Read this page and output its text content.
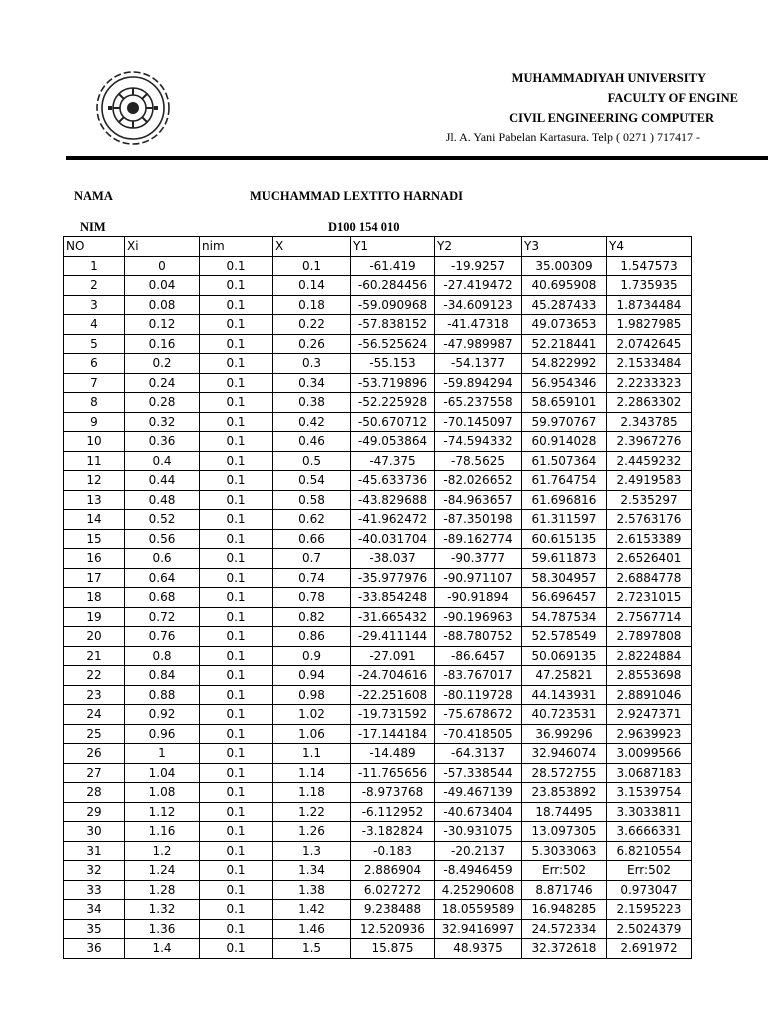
MUHAMMADIYAH UNIVERSITY
FACULTY OF ENGINE
CIVIL ENGINEERING COMPUTER
Jl. A. Yani Pabelan Kartasura. Telp ( 0271 ) 717417 -
NAMA	MUCHAMMAD LEXTITO HARNADI
NIM	D100 154 010
NO	Xi	nim	X	Y1	Y2	Y3	Y4
1	0	0.1	0.1	-61.419	-19.9257	35.00309	1.547573
2	0.04	0.1	0.14	-60.284456	-27.419472	40.695908	1.735935
3	0.08	0.1	0.18	-59.090968	-34.609123	45.287433	1.8734484
4	0.12	0.1	0.22	-57.838152	-41.47318	49.073653	1.9827985
5	0.16	0.1	0.26	-56.525624	-47.989987	52.218441	2.0742645
6	0.2	0.1	0.3	-55.153	-54.1377	54.822992	2.1533484
7	0.24	0.1	0.34	-53.719896	-59.894294	56.954346	2.2233323
8	0.28	0.1	0.38	-52.225928	-65.237558	58.659101	2.2863302
9	0.32	0.1	0.42	-50.670712	-70.145097	59.970767	2.343785
10	0.36	0.1	0.46	-49.053864	-74.594332	60.914028	2.3967276
11	0.4	0.1	0.5	-47.375	-78.5625	61.507364	2.4459232
12	0.44	0.1	0.54	-45.633736	-82.026652	61.764754	2.4919583
13	0.48	0.1	0.58	-43.829688	-84.963657	61.696816	2.535297
14	0.52	0.1	0.62	-41.962472	-87.350198	61.311597	2.5763176
15	0.56	0.1	0.66	-40.031704	-89.162774	60.615135	2.6153389
16	0.6	0.1	0.7	-38.037	-90.3777	59.611873	2.6526401
17	0.64	0.1	0.74	-35.977976	-90.971107	58.304957	2.6884778
18	0.68	0.1	0.78	-33.854248	-90.91894	56.696457	2.7231015
19	0.72	0.1	0.82	-31.665432	-90.196963	54.787534	2.7567714
20	0.76	0.1	0.86	-29.411144	-88.780752	52.578549	2.7897808
21	0.8	0.1	0.9	-27.091	-86.6457	50.069135	2.8224884
22	0.84	0.1	0.94	-24.704616	-83.767017	47.25821	2.8553698
23	0.88	0.1	0.98	-22.251608	-80.119728	44.143931	2.8891046
24	0.92	0.1	1.02	-19.731592	-75.678672	40.723531	2.9247371
25	0.96	0.1	1.06	-17.144184	-70.418505	36.99296	2.9639923
26	1	0.1	1.1	-14.489	-64.3137	32.946074	3.0099566
27	1.04	0.1	1.14	-11.765656	-57.338544	28.572755	3.0687183
28	1.08	0.1	1.18	-8.973768	-49.467139	23.853892	3.1539754
29	1.12	0.1	1.22	-6.112952	-40.673404	18.74495	3.3033811
30	1.16	0.1	1.26	-3.182824	-30.931075	13.097305	3.6666331
31	1.2	0.1	1.3	-0.183	-20.2137	5.3033063	6.8210554
32	1.24	0.1	1.34	2.886904	-8.4946459	Err:502	Err:502
33	1.28	0.1	1.38	6.027272	4.25290608	8.871746	0.973047
34	1.32	0.1	1.42	9.238488	18.0559589	16.948285	2.1595223
35	1.36	0.1	1.46	12.520936	32.9416997	24.572334	2.5024379
36	1.4	0.1	1.5	15.875	48.9375	32.372618	2.691972
